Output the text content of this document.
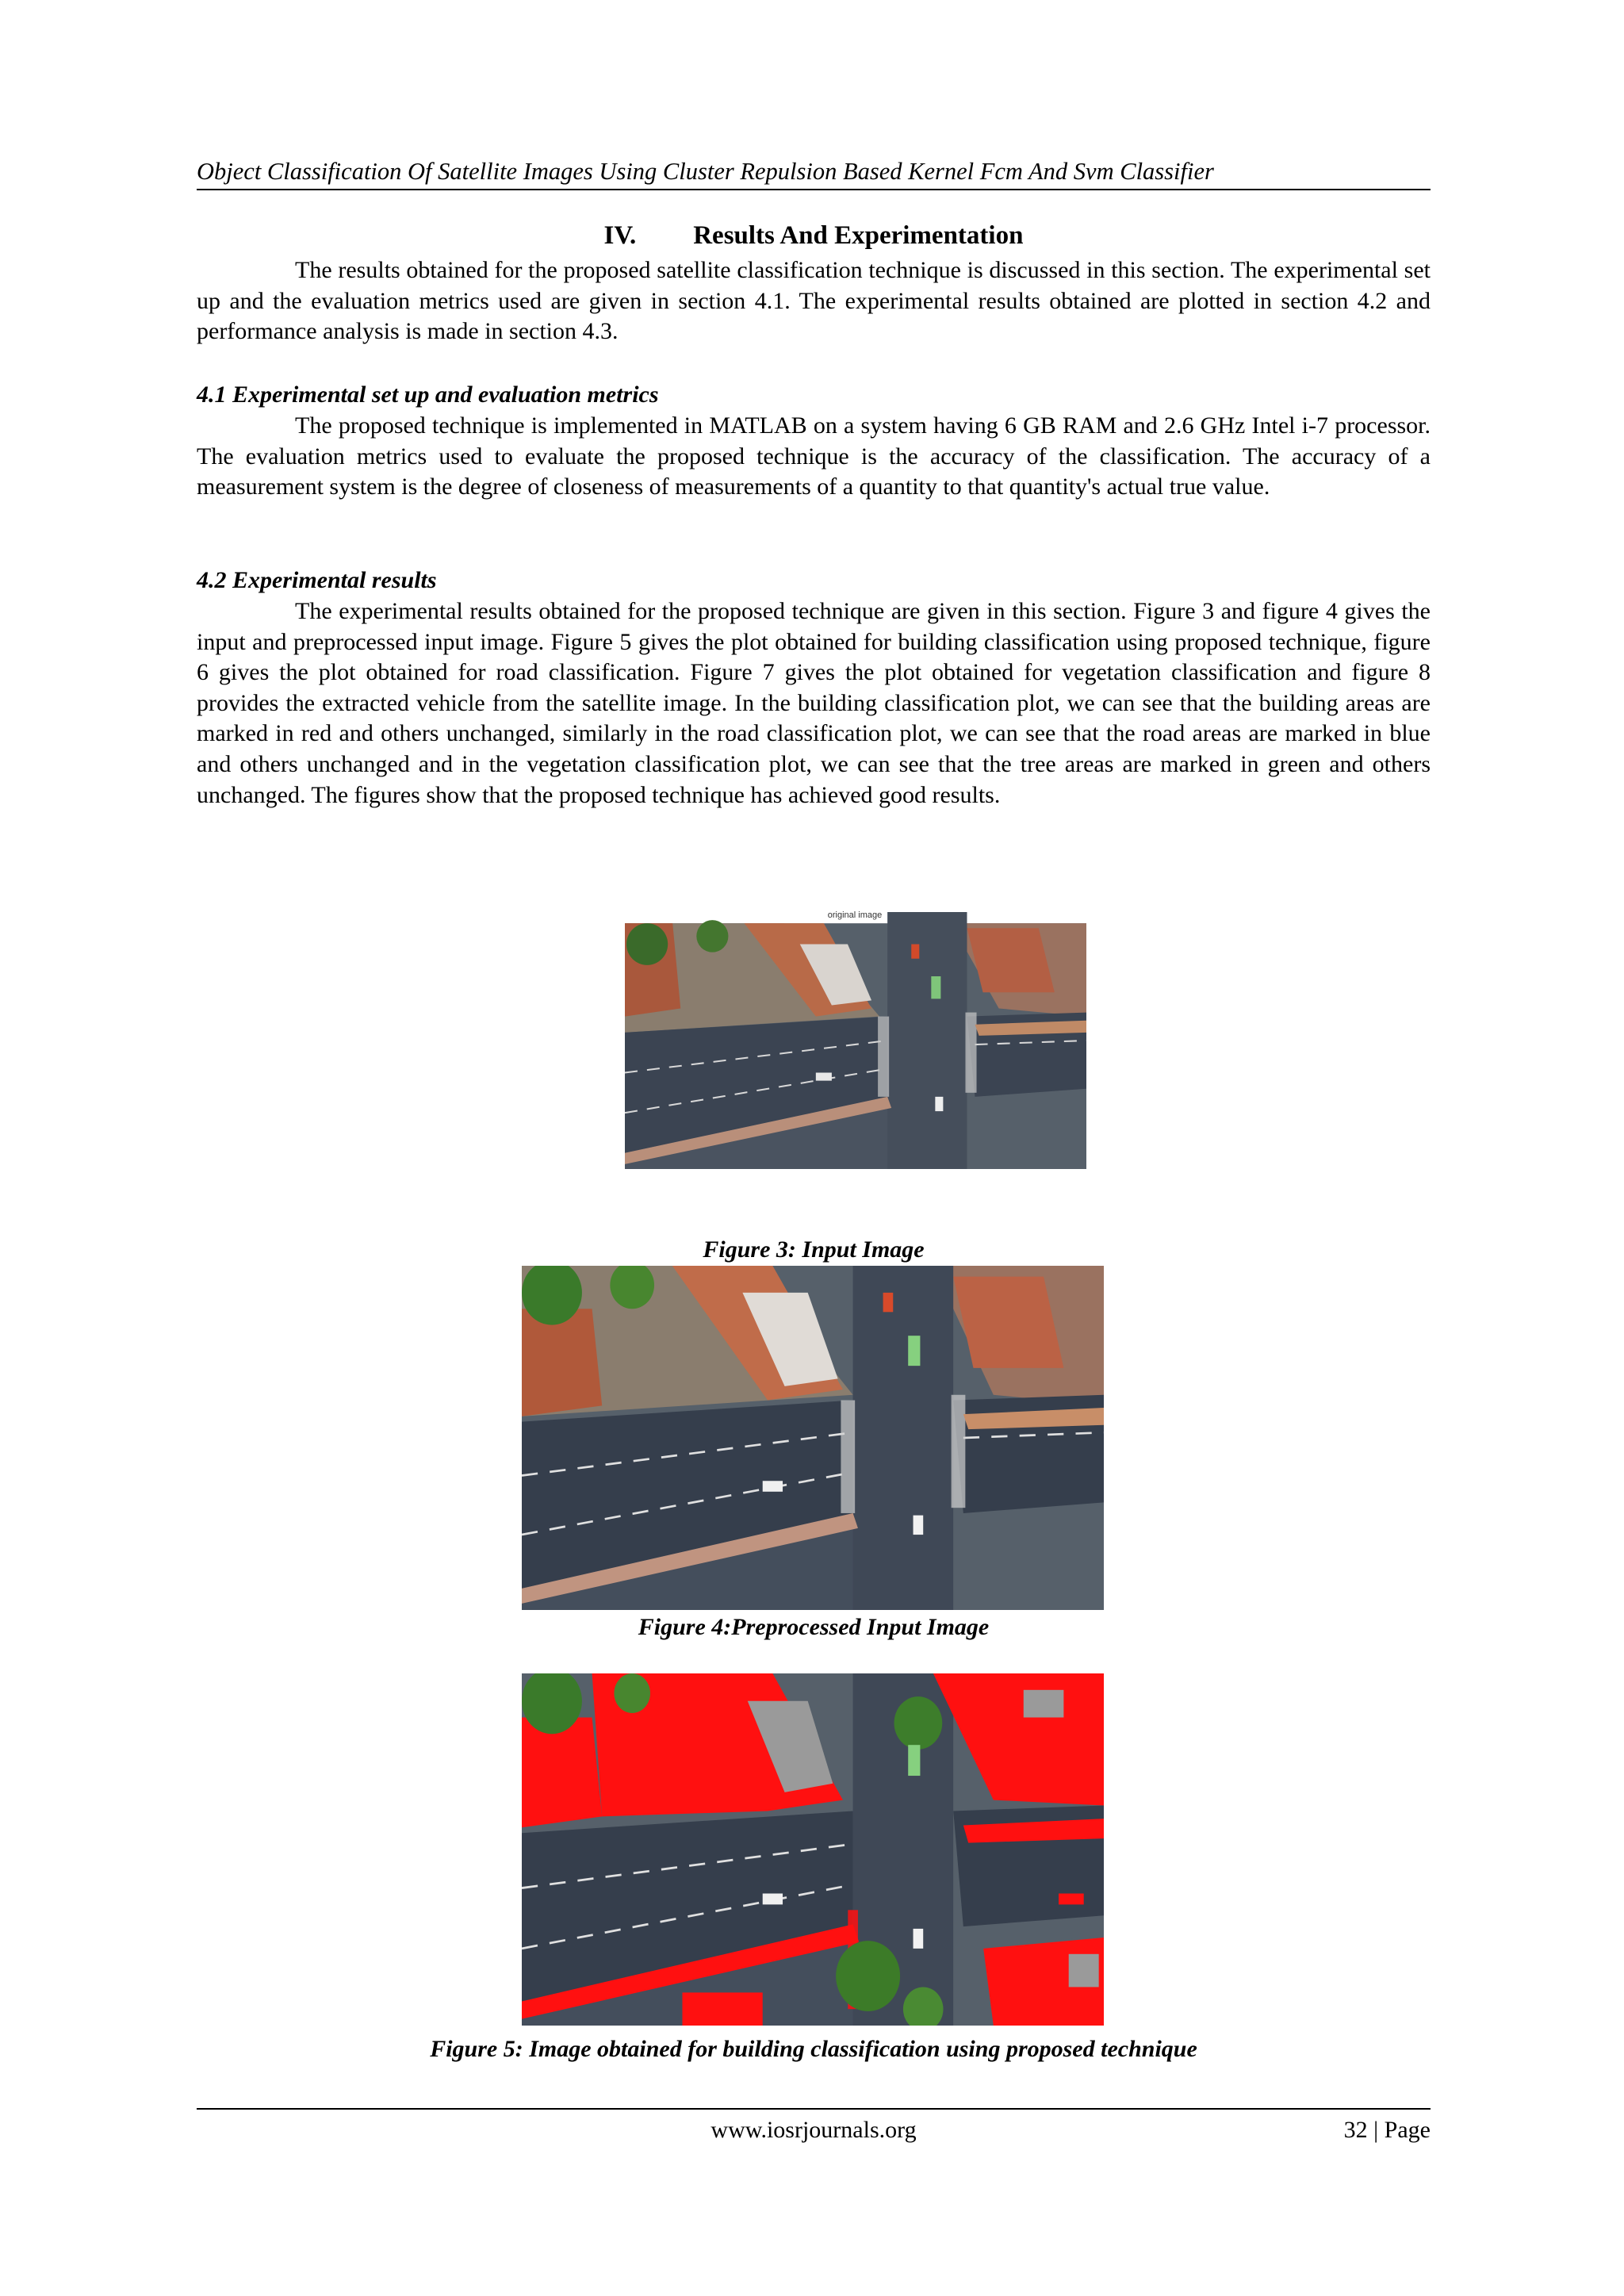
Object Classification Of Satellite Images Using Cluster Repulsion Based Kernel Fcm And Svm Classifier
IV. Results And Experimentation

The results obtained for the proposed satellite classification technique is discussed in this section. The experimental set up and the evaluation metrics used are given in section 4.1. The experimental results obtained are plotted in section 4.2 and performance analysis is made in section 4.3.

4.1 Experimental set up and evaluation metrics

The proposed technique is implemented in MATLAB on a system having 6 GB RAM and 2.6 GHz Intel i-7 processor. The evaluation metrics used to evaluate the proposed technique is the accuracy of the classification. The accuracy of a measurement system is the degree of closeness of measurements of a quantity to that quantity's actual true value.

4.2 Experimental results

The experimental results obtained for the proposed technique are given in this section. Figure 3 and figure 4 gives the input and preprocessed input image. Figure 5 gives the plot obtained for building classification using proposed technique, figure 6 gives the plot obtained for road classification. Figure 7 gives the plot obtained for vegetation classification and figure 8 provides the extracted vehicle from the satellite image. In the building classification plot, we can see that the building areas are marked in red and others unchanged, similarly in the road classification plot, we can see that the road areas are marked in blue and others unchanged and in the vegetation classification plot, we can see that the tree areas are marked in green and others unchanged. The figures show that the proposed technique has achieved good results.

original image
Figure 3: Input Image
Figure 4:Preprocessed Input Image
Figure 5: Image obtained for building classification using proposed technique
www.iosrjournals.org	32 | Page
